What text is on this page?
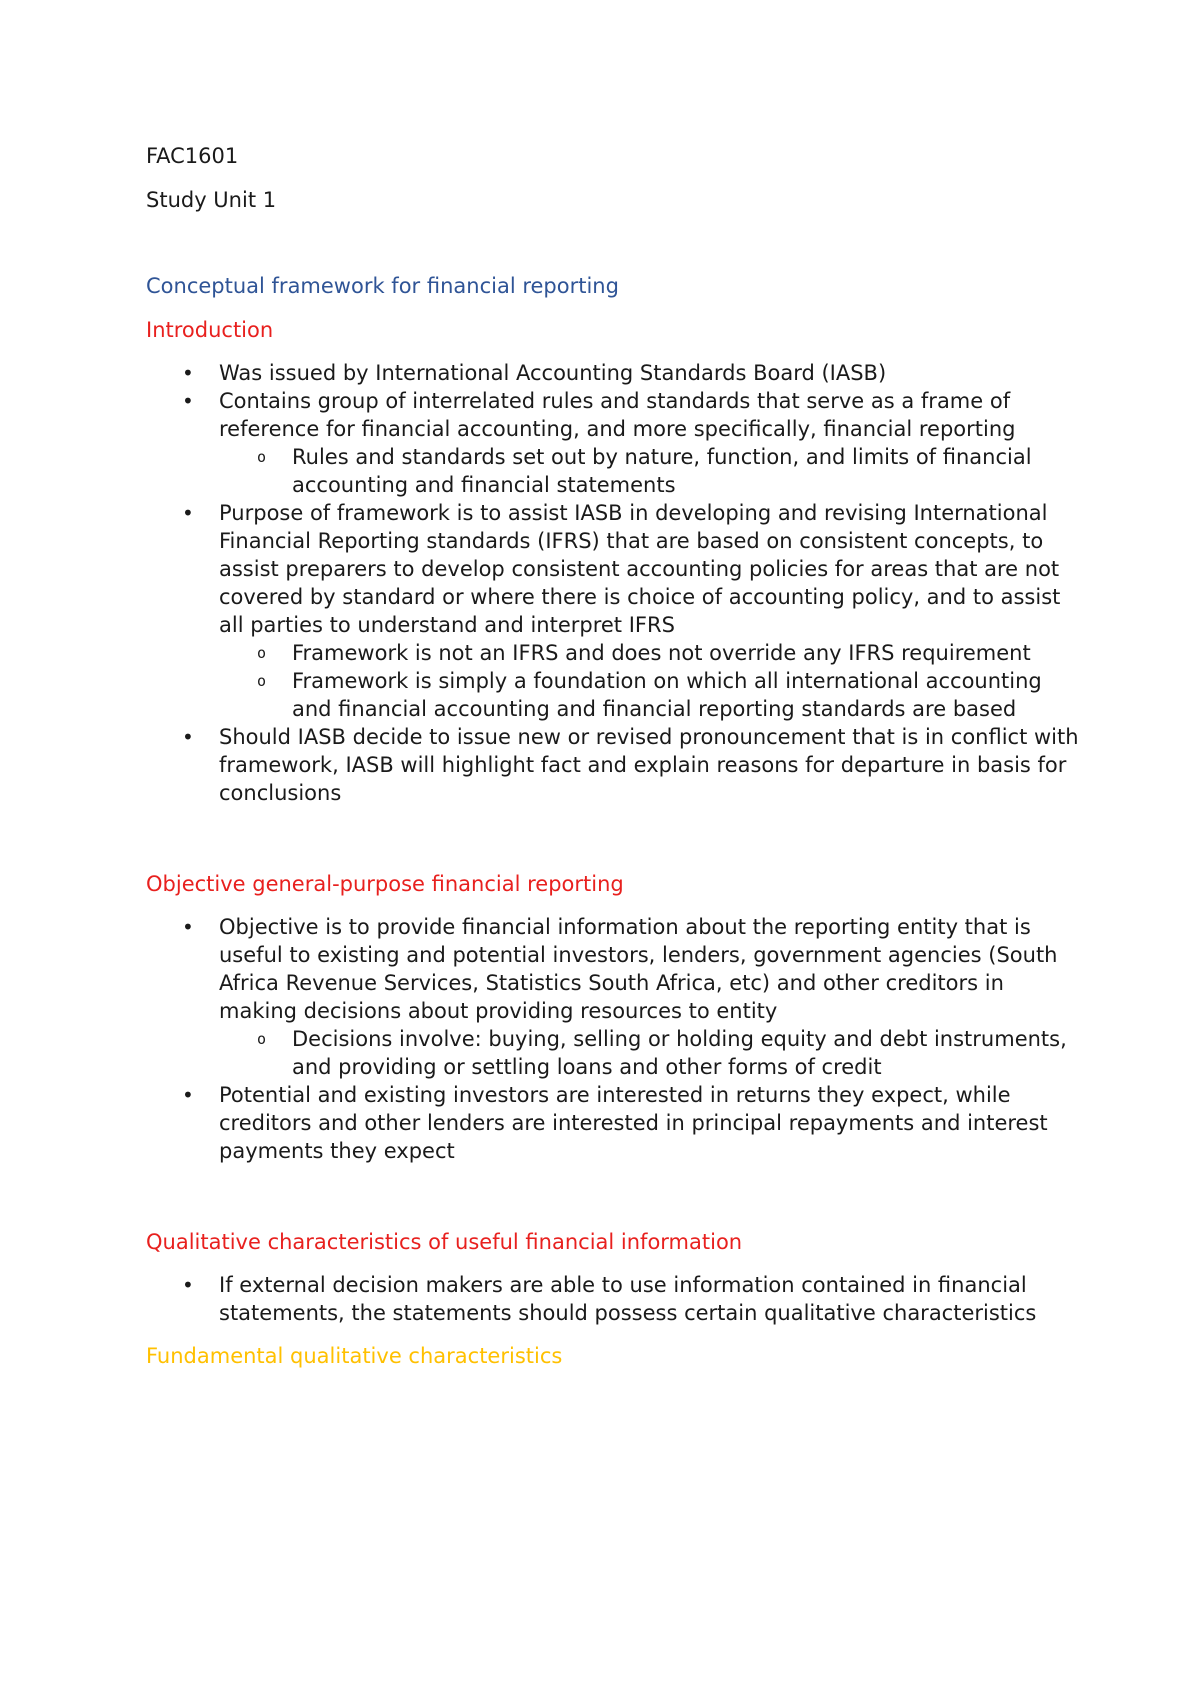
FAC1601
Study Unit 1
Conceptual framework for financial reporting
Introduction
• Was issued by International Accounting Standards Board (IASB)
• Contains group of interrelated rules and standards that serve as a frame of reference for financial accounting, and more specifically, financial reporting
o Rules and standards set out by nature, function, and limits of financial accounting and financial statements
• Purpose of framework is to assist IASB in developing and revising International Financial Reporting standards (IFRS) that are based on consistent concepts, to assist preparers to develop consistent accounting policies for areas that are not covered by standard or where there is choice of accounting policy, and to assist all parties to understand and interpret IFRS
o Framework is not an IFRS and does not override any IFRS requirement
o Framework is simply a foundation on which all international accounting and financial accounting and financial reporting standards are based
• Should IASB decide to issue new or revised pronouncement that is in conflict with framework, IASB will highlight fact and explain reasons for departure in basis for conclusions
Objective general-purpose financial reporting
• Objective is to provide financial information about the reporting entity that is useful to existing and potential investors, lenders, government agencies (South Africa Revenue Services, Statistics South Africa, etc) and other creditors in making decisions about providing resources to entity
o Decisions involve: buying, selling or holding equity and debt instruments, and providing or settling loans and other forms of credit
• Potential and existing investors are interested in returns they expect, while creditors and other lenders are interested in principal repayments and interest payments they expect
Qualitative characteristics of useful financial information
• If external decision makers are able to use information contained in financial statements, the statements should possess certain qualitative characteristics
Fundamental qualitative characteristics
